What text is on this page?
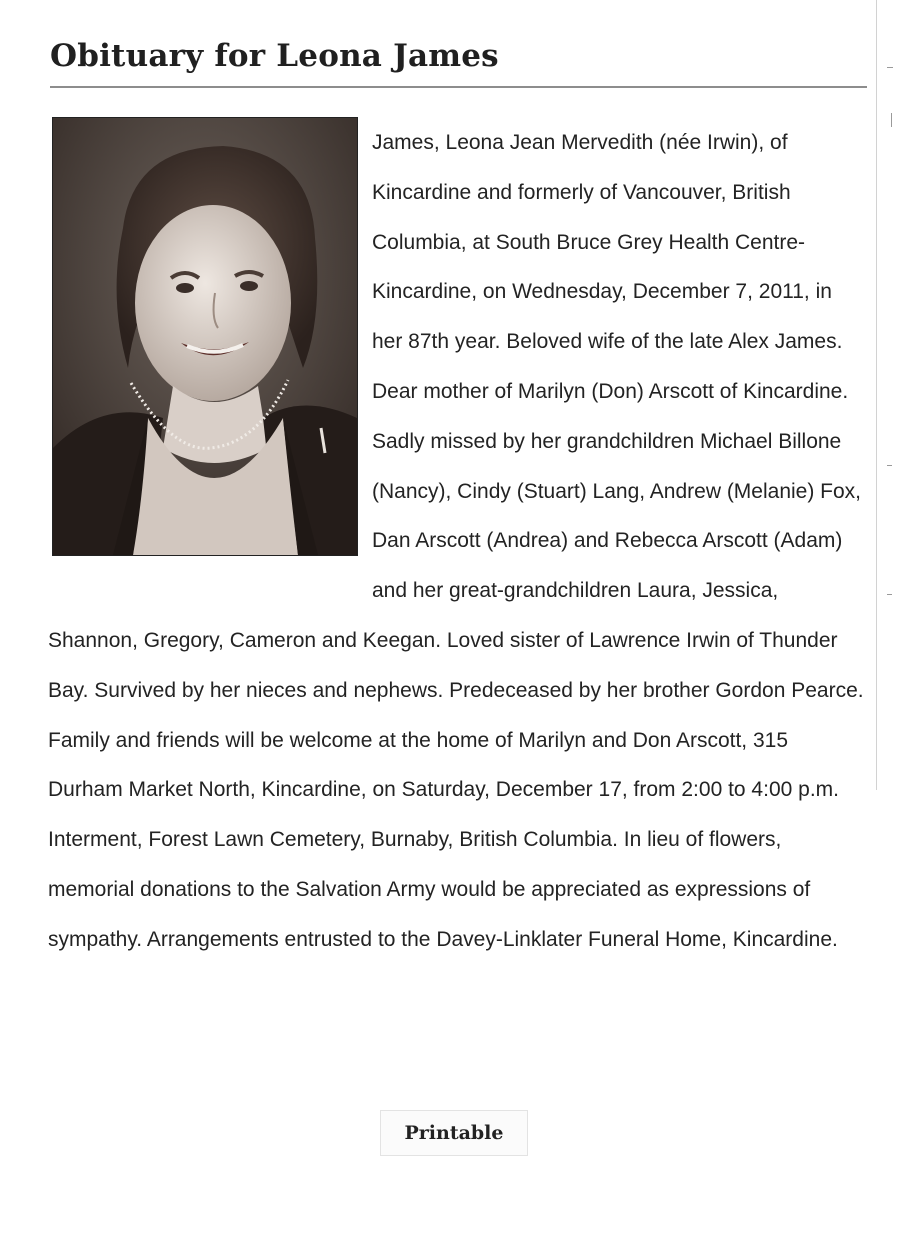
Obituary for Leona James

James, Leona Jean Mervedith (née Irwin), of Kincardine and formerly of Vancouver, British Columbia, at South Bruce Grey Health Centre-Kincardine, on Wednesday, December 7, 2011, in her 87th year. Beloved wife of the late Alex James. Dear mother of Marilyn (Don) Arscott of Kincardine. Sadly missed by her grandchildren Michael Billone (Nancy), Cindy (Stuart) Lang, Andrew (Melanie) Fox, Dan Arscott (Andrea) and Rebecca Arscott (Adam) and her great-grandchildren Laura, Jessica, Shannon, Gregory, Cameron and Keegan. Loved sister of Lawrence Irwin of Thunder Bay. Survived by her nieces and nephews. Predeceased by her brother Gordon Pearce. Family and friends will be welcome at the home of Marilyn and Don Arscott, 315 Durham Market North, Kincardine, on Saturday, December 17, from 2:00 to 4:00 p.m. Interment, Forest Lawn Cemetery, Burnaby, British Columbia. In lieu of flowers, memorial donations to the Salvation Army would be appreciated as expressions of sympathy. Arrangements entrusted to the Davey-Linklater Funeral Home, Kincardine.

Printable
